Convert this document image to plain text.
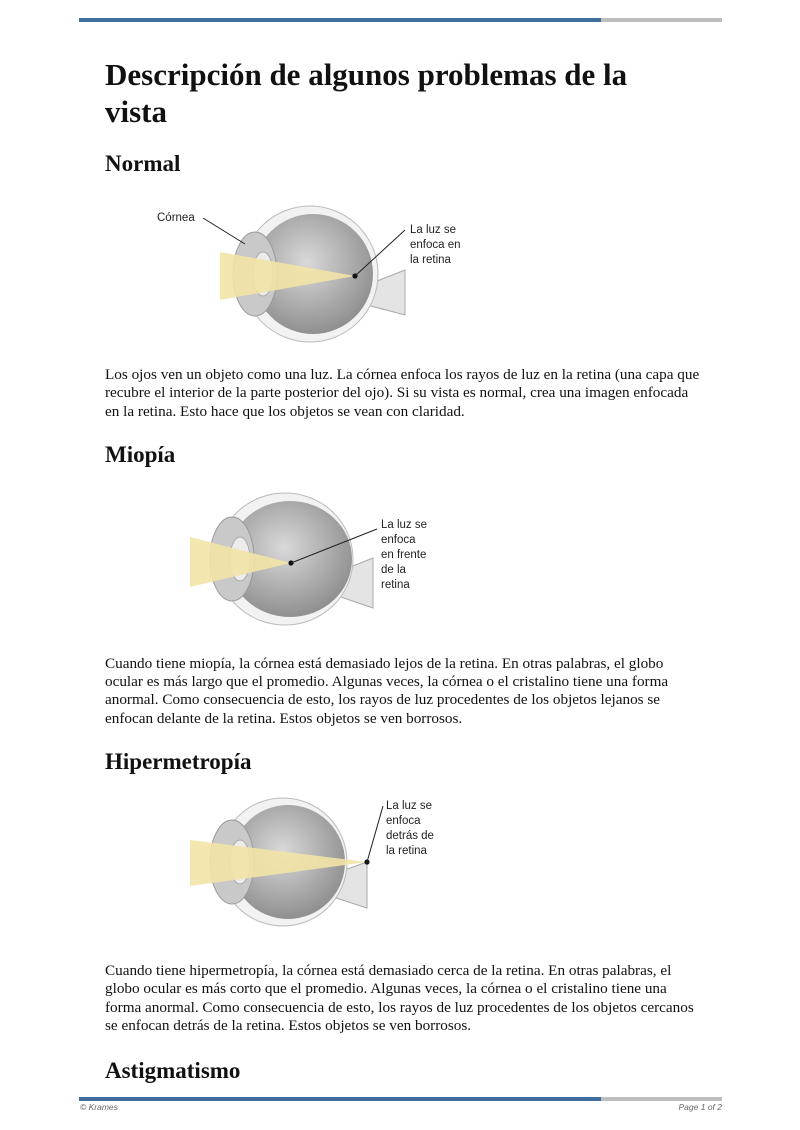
Descripción de algunos problemas de la vista
Normal
Córnea
La luz se
enfoca en
la retina

Los ojos ven un objeto como una luz. La córnea enfoca los rayos de luz en la retina (una capa que recubre el interior de la parte posterior del ojo). Si su vista es normal, crea una imagen enfocada en la retina. Esto hace que los objetos se vean con claridad.

Miopía
La luz se
enfoca
en frente
de la
retina

Cuando tiene miopía, la córnea está demasiado lejos de la retina. En otras palabras, el globo ocular es más largo que el promedio. Algunas veces, la córnea o el cristalino tiene una forma anormal. Como consecuencia de esto, los rayos de luz procedentes de los objetos lejanos se enfocan delante de la retina. Estos objetos se ven borrosos.

Hipermetropía
La luz se
enfoca
detrás de
la retina

Cuando tiene hipermetropía, la córnea está demasiado cerca de la retina. En otras palabras, el globo ocular es más corto que el promedio. Algunas veces, la córnea o el cristalino tiene una forma anormal. Como consecuencia de esto, los rayos de luz procedentes de los objetos cercanos se enfocan detrás de la retina. Estos objetos se ven borrosos.

Astigmatismo
© Krames	Page 1 of 2
